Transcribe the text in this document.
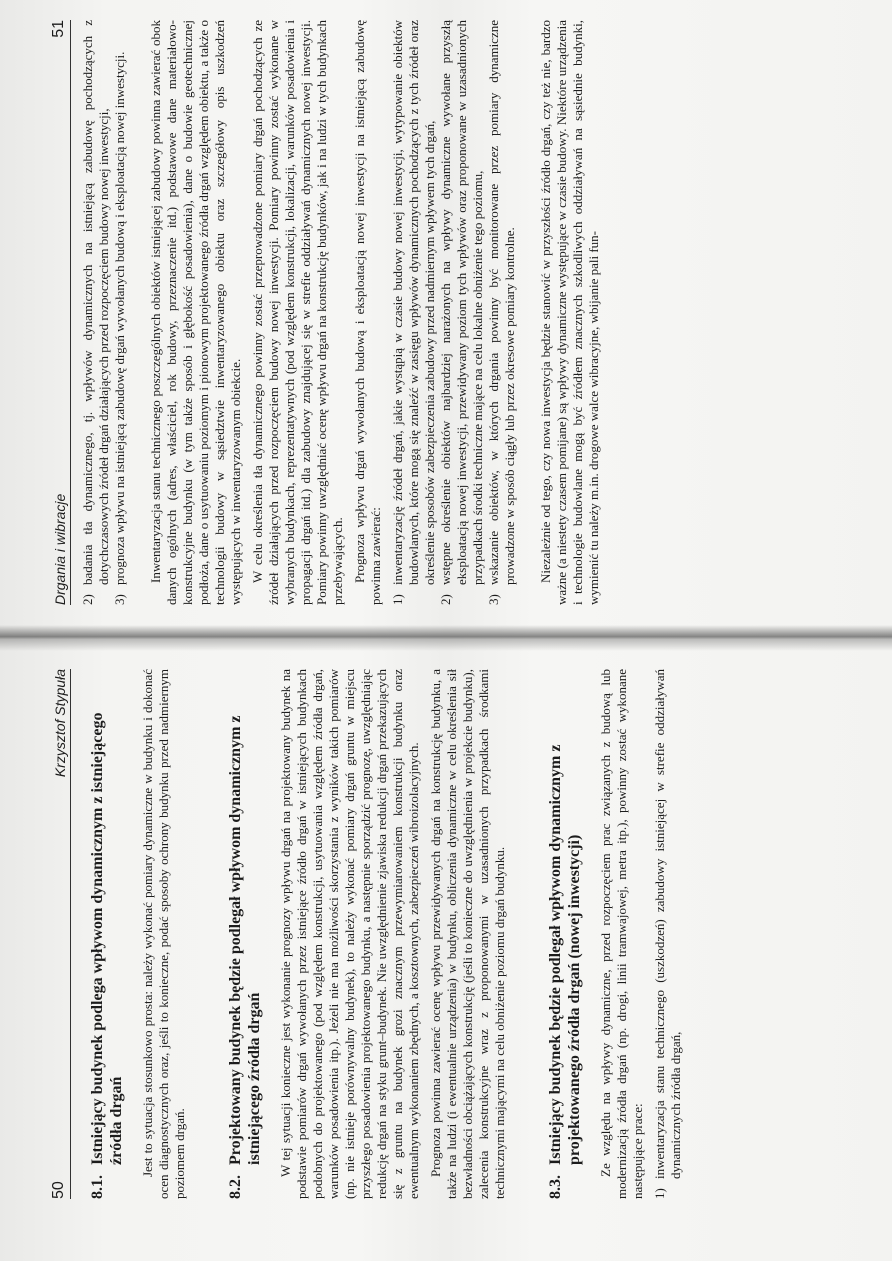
50
Krzysztof Stypuła
8.1.Istniejący budynek podlega wpływom dynamicznym z istniejącego źródła drgań Jest to sytuacja stosunkowo prosta: należy wykonać pomiary dynamiczne w budynku i dokonać ocen diagnostycznych oraz, jeśli to konieczne, podać sposoby ochrony budynku przed nadmiernym poziomem drgań.	8.2.Projektowany budynek będzie podlegał wpływom dynamicznym z istniejącego źródła drgań W tej sytuacji konieczne jest wykonanie prognozy wpływu drgań na projektowany budynek na podstawie pomiarów drgań wywołanych przez istniejące źródło drgań w istniejących budynkach podobnych do projektowanego (pod względem konstrukcji, usytuowania względem źródła drgań, warunków posadowienia itp.). Jeżeli nie ma możliwości skorzystania z wyników takich pomiarów (np. nie istnieje porównywalny budynek), to należy wykonać pomiary drgań gruntu w miejscu przyszłego posadowienia projektowanego budynku, a następnie sporządzić prognozę, uwzględniając redukcję drgań na styku grunt–budynek. Nie uwzględnienie zjawiska redukcji drgań przekazujących się z gruntu na budynek grozi znacznym przewymiarowaniem konstrukcji budynku oraz ewentualnym wykonaniem zbędnych, a kosztownych, zabezpieczeń wibroizolacyjnych. Prognoza powinna zawierać ocenę wpływu przewidywanych drgań na konstrukcję budynku, a także na ludzi (i ewentualnie urządzenia) w budynku, obliczenia dynamiczne w celu określenia sił bezwładności obciążających konstrukcję (jeśli to konieczne do uwzględnienia w projekcie budynku), zalecenia konstrukcyjne wraz z proponowanymi w uzasadnionych przypadkach środkami technicznymi mającymi na celu obniżenie poziomu drgań budynku.	8.3.Istniejący budynek będzie podlegał wpływom dynamicznym z projektowanego źródła drgań (nowej inwestycji) Ze względu na wpływy dynamiczne, przed rozpoczęciem prac związanych z budową lub modernizacją źródła drgań (np. drogi, linii tramwajowej, metra itp.), powinny zostać wykonane następujące prace: 1)inwentaryzacja stanu technicznego (uszkodzeń) zabudowy istniejącej w strefie oddziaływań dynamicznych źródła drgań,
Drgania i wibracje
51
2)badania tła dynamicznego, tj. wpływów dynamicznych na istniejącą zabudowę pochodzących z dotychczasowych źródeł drgań działających przed rozpoczęciem budowy nowej inwestycji,
3)prognoza wpływu na istniejącą zabudowę drgań wywołanych budową i eksploatacją nowej inwestycji. Inwentaryzacja stanu technicznego poszczególnych obiektów istniejącej zabudowy powinna zawierać obok danych ogólnych (adres, właściciel, rok budowy, przeznaczenie itd.) podstawowe dane materiałowo-konstrukcyjne budynku (w tym także sposób i głębokość posadowienia), dane o budowie geotechnicznej podłoża, dane o usytuowaniu poziomym i pionowym projektowanego źródła drgań względem obiektu, a także o technologii budowy w sąsiedztwie inwentaryzowanego obiektu oraz szczegółowy opis uszkodzeń występujących w inwentaryzowanym obiekcie. W celu określenia tła dynamicznego powinny zostać przeprowadzone pomiary drgań pochodzących ze źródeł działających przed rozpoczęciem budowy nowej inwestycji. Pomiary powinny zostać wykonane w wybranych budynkach, reprezentatywnych (pod względem konstrukcji, lokalizacji, warunków posadowienia i propagacji drgań itd.) dla zabudowy znajdującej się w strefie oddziaływań dynamicznych nowej inwestycji. Pomiary powinny uwzględniać ocenę wpływu drgań na konstrukcję budynków, jak i na ludzi w tych budynkach przebywających. Prognoza wpływu drgań wywołanych budową i eksploatacją nowej inwestycji na istniejącą zabudowę powinna zawierać: 1)inwentaryzację źródeł drgań, jakie wystąpią w czasie budowy nowej inwestycji, wytypowanie obiektów budowlanych, które mogą się znaleźć w zasięgu wpływów dynamicznych pochodzących z tych źródeł oraz określenie sposobów zabezpieczenia zabudowy przed nadmiernym wpływem tych drgań,
2)wstępne określenie obiektów najbardziej narażonych na wpływy dynamiczne wywołane przyszłą eksploatacją nowej inwestycji, przewidywany poziom tych wpływów oraz proponowane w uzasadnionych przypadkach środki techniczne mające na celu lokalne obniżenie tego poziomu,
3)wskazanie obiektów, w których drgania powinny być monitorowane przez pomiary dynamiczne prowadzone w sposób ciągły lub przez okresowe pomiary kontrolne. Niezależnie od tego, czy nowa inwestycja będzie stanowić w przyszłości źródło drgań, czy też nie, bardzo ważne (a niestety czasem pomijane) są wpływy dynamiczne występujące w czasie budowy. Niektóre urządzenia i technologie budowlane mogą być źródłem znacznych szkodliwych oddziaływań na sąsiednie budynki, wymienić tu należy m.in. drogowe walce wibracyjne, wbijanie pali fun-
